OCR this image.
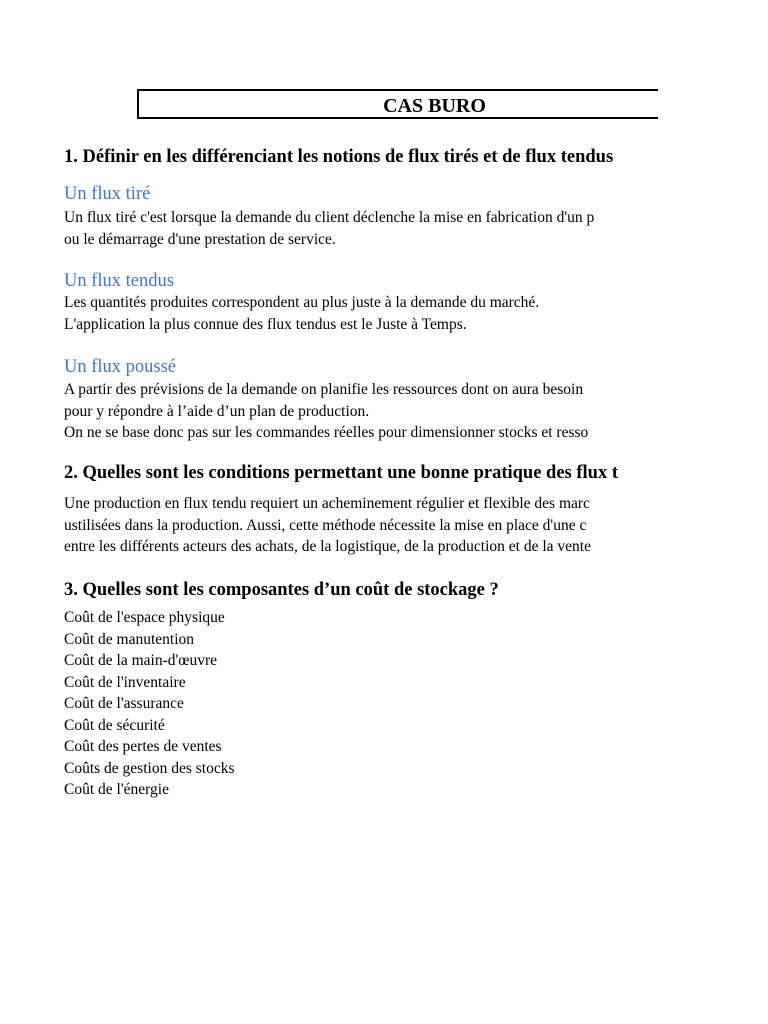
CAS BURO
1. Définir en les différenciant les notions de flux tirés et de flux tendus
Un flux tiré
Un flux tiré c'est lorsque la demande du client déclenche la mise en fabrication d'un p
ou le démarrage d'une prestation de service.
Un flux tendus
Les quantités produites correspondent au plus juste à la demande du marché.
L'application la plus connue des flux tendus est le Juste à Temps.
Un flux poussé
A partir des prévisions de la demande on planifie les ressources dont on aura besoin
pour y répondre à l’aide d’un plan de production.
On ne se base donc pas sur les commandes réelles pour dimensionner stocks et resso
2. Quelles sont les conditions permettant une bonne pratique des flux t
Une production en flux tendu requiert un acheminement régulier et flexible des marc
ustilisées dans la production. Aussi, cette méthode nécessite la mise en place d'une c
entre les différents acteurs des achats, de la logistique, de la production et de la vente
3. Quelles sont les composantes d’un coût de stockage ?
Coût de l'espace physique
Coût de manutention
Coût de la main-d'œuvre
Coût de l'inventaire
Coût de l'assurance
Coût de sécurité
Coût des pertes de ventes
Coûts de gestion des stocks
Coût de l'énergie
